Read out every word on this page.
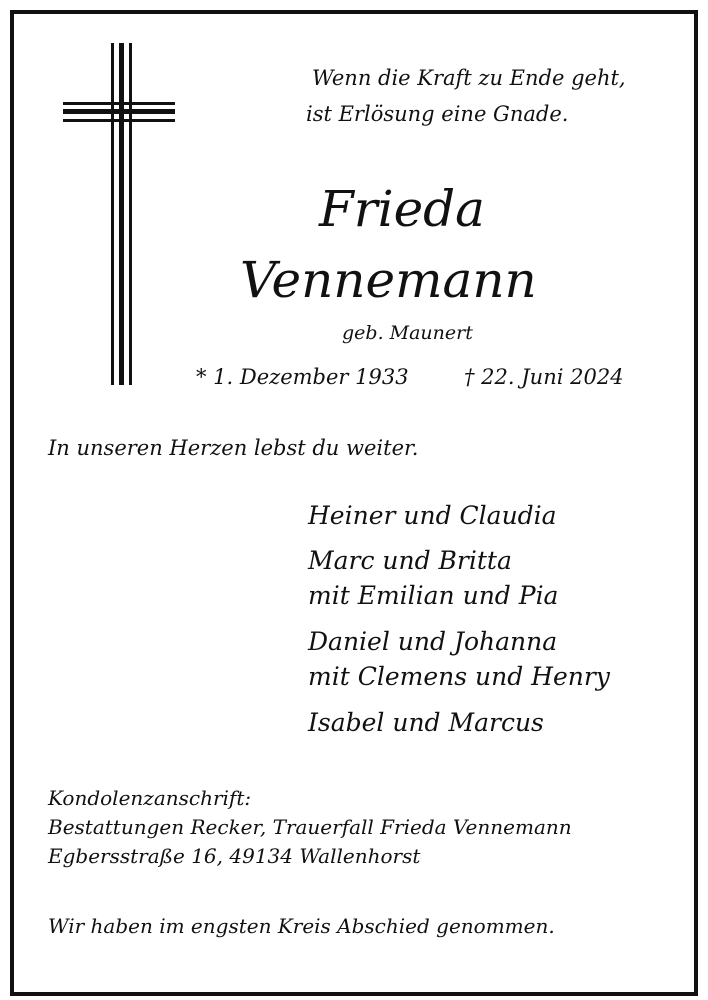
Wenn die Kraft zu Ende geht,

ist Erlösung eine Gnade.

Frieda
Vennemann

geb. Maunert

* 1. Dezember 1933	† 22. Juni 2024

In unseren Herzen lebst du weiter.

Heiner und Claudia

Marc und Britta

mit Emilian und Pia

Daniel und Johanna

mit Clemens und Henry

Isabel und Marcus

Kondolenzanschrift:

Bestattungen Recker, Trauerfall Frieda Vennemann

Egbersstraße 16, 49134 Wallenhorst

Wir haben im engsten Kreis Abschied genommen.
